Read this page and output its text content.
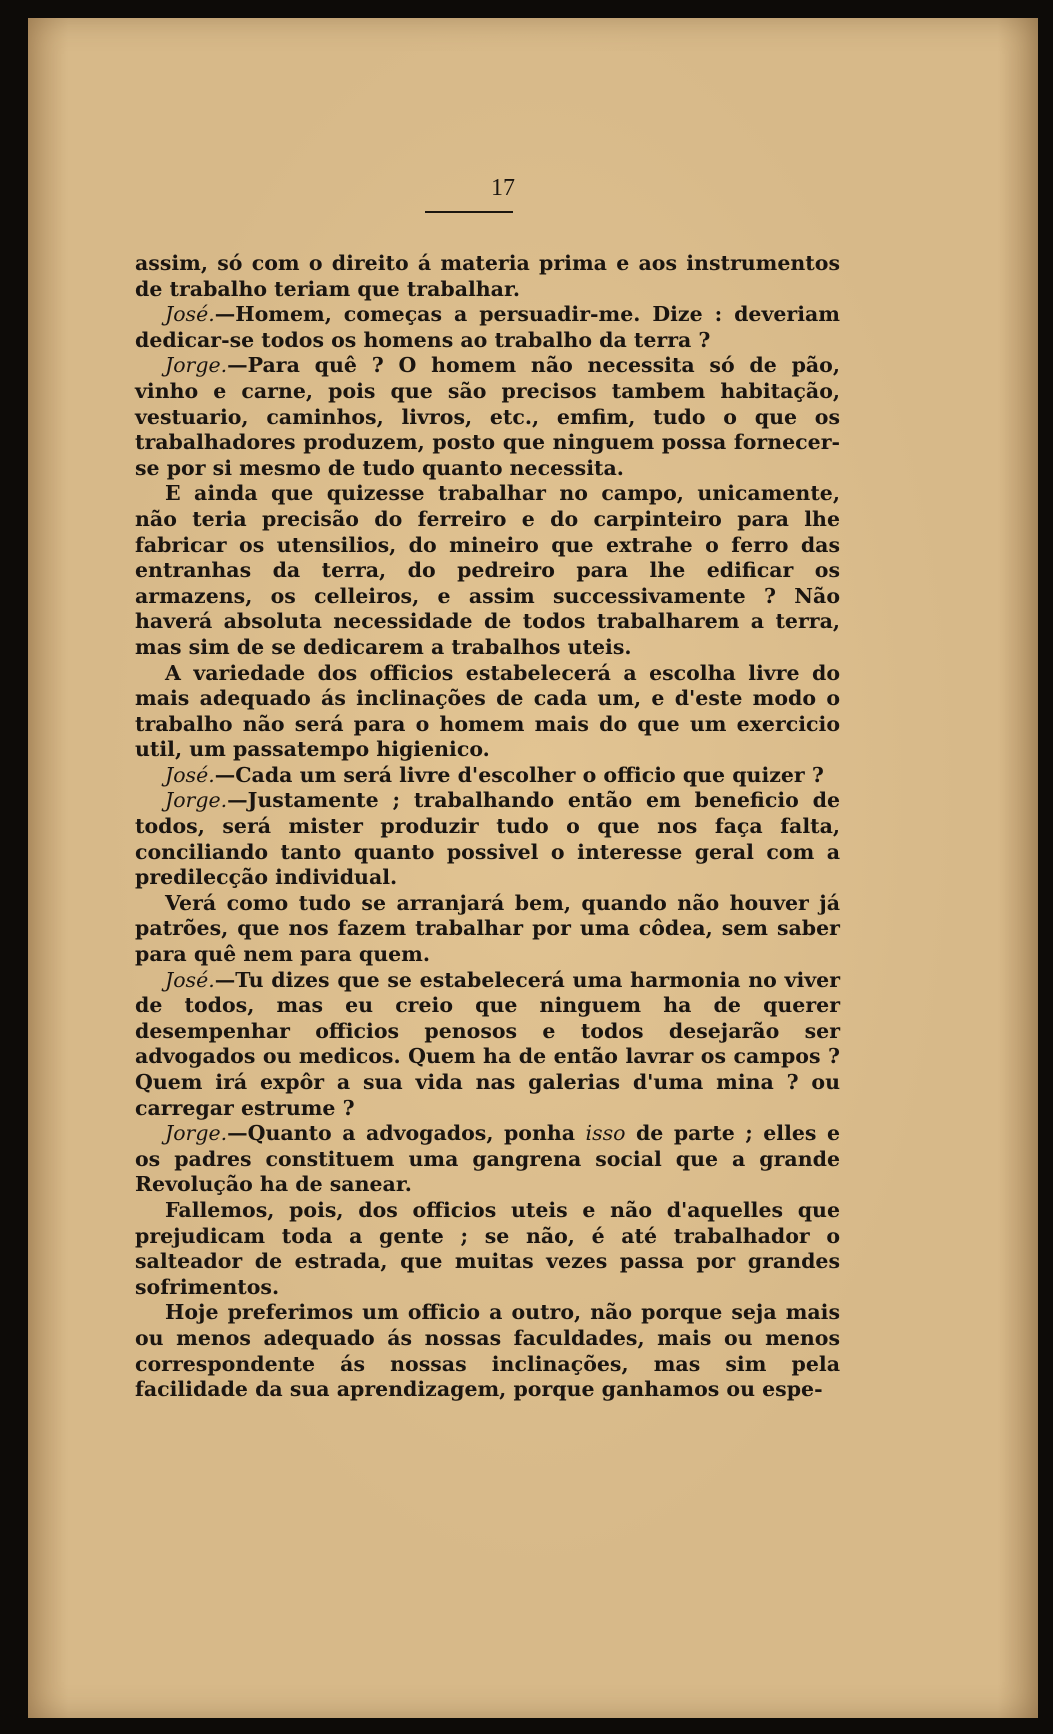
17

assim, só com o direito á materia prima e aos instrumentos de trabalho teriam que trabalhar.

José.—Homem, começas a persuadir-me. Dize : deveriam dedicar-se todos os homens ao trabalho da terra ?

Jorge.—Para quê ? O homem não necessita só de pão, vinho e carne, pois que são precisos tambem habitação, vestuario, caminhos, livros, etc., emfim, tudo o que os trabalhadores produzem, posto que ninguem possa fornecer-se por si mesmo de tudo quanto necessita.

E ainda que quizesse trabalhar no campo, unicamente, não teria precisão do ferreiro e do carpinteiro para lhe fabricar os utensilios, do mineiro que extrahe o ferro das entranhas da terra, do pedreiro para lhe edificar os armazens, os celleiros, e assim successivamente ? Não haverá absoluta necessidade de todos trabalharem a terra, mas sim de se dedicarem a trabalhos uteis.

A variedade dos officios estabelecerá a escolha livre do mais adequado ás inclinações de cada um, e d'este modo o trabalho não será para o homem mais do que um exercicio util, um passatempo higienico.

José.—Cada um será livre d'escolher o officio que quizer ?

Jorge.—Justamente ; trabalhando então em beneficio de todos, será mister produzir tudo o que nos faça falta, conciliando tanto quanto possivel o interesse geral com a predilecção individual.

Verá como tudo se arranjará bem, quando não houver já patrões, que nos fazem trabalhar por uma côdea, sem saber para quê nem para quem.

José.—Tu dizes que se estabelecerá uma harmonia no viver de todos, mas eu creio que ninguem ha de querer desempenhar officios penosos e todos desejarão ser advogados ou medicos. Quem ha de então lavrar os campos ? Quem irá expôr a sua vida nas galerias d'uma mina ? ou carregar estrume ?

Jorge.—Quanto a advogados, ponha isso de parte ; elles e os padres constituem uma gangrena social que a grande Revolução ha de sanear.

Fallemos, pois, dos officios uteis e não d'aquelles que prejudicam toda a gente ; se não, é até trabalhador o salteador de estrada, que muitas vezes passa por grandes sofrimentos.

Hoje preferimos um officio a outro, não porque seja mais ou menos adequado ás nossas faculdades, mais ou menos correspondente ás nossas inclinações, mas sim pela facilidade da sua aprendizagem, porque ganhamos ou espe-
